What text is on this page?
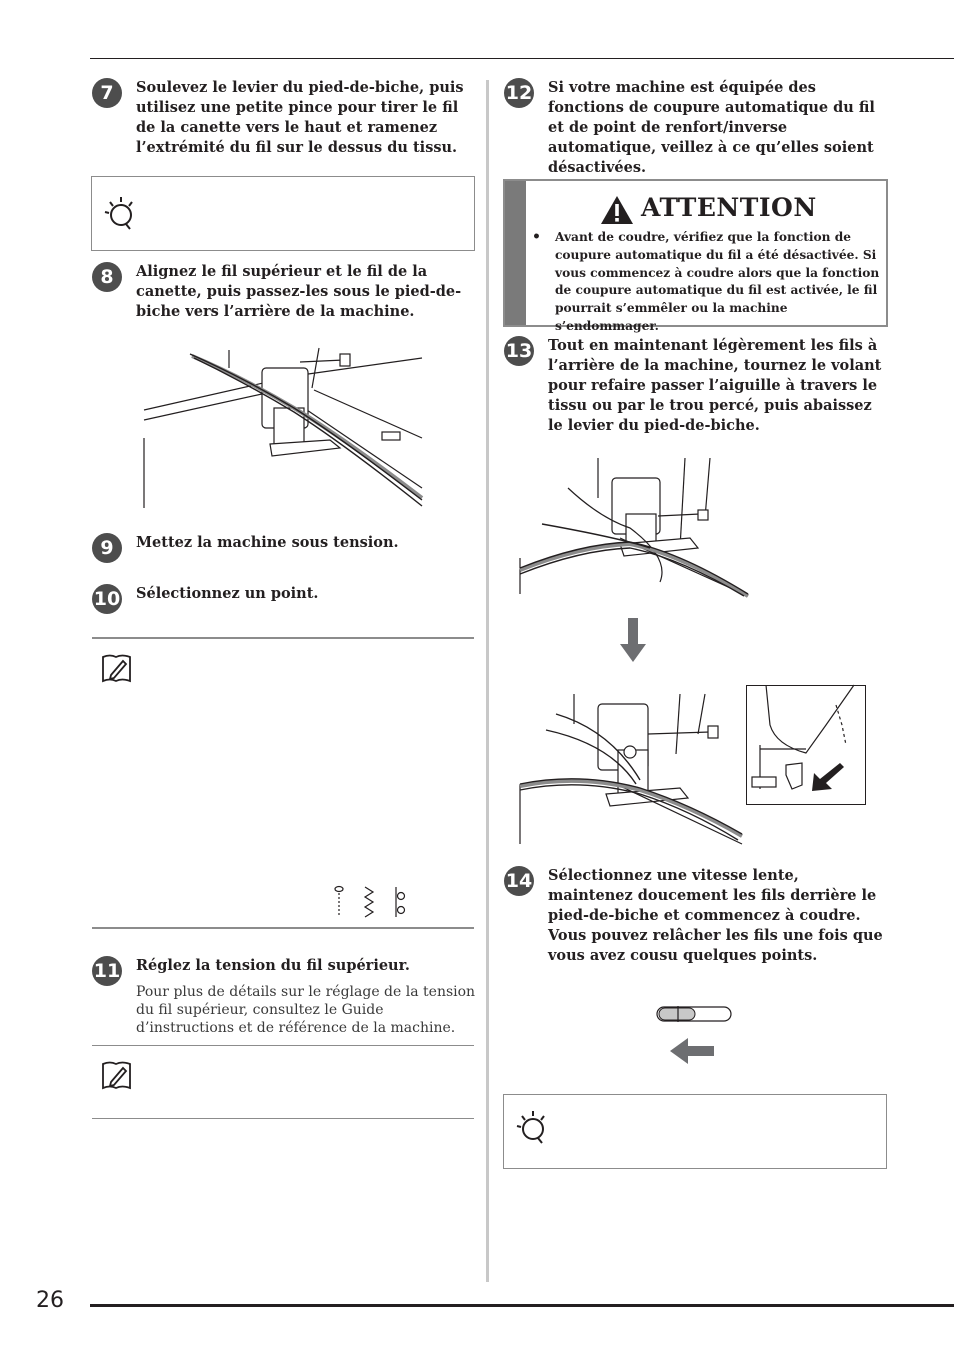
26
7	Soulevez le levier du pied-de-biche, puis utilisez une petite pince pour tirer le fil de la canette vers le haut et ramenez l’extrémité du fil sur le dessus du tissu.
8	Alignez le fil supérieur et le fil de la canette, puis passez-les sous le pied-de-biche vers l’arrière de la machine.
9	Mettez la machine sous tension.
10 Sélectionnez un point.
11 Réglez la tension du fil supérieur.
Pour plus de détails sur le réglage de la tension du fil supérieur, consultez le Guide d’instructions et de référence de la machine.
12 Si votre machine est équipée des fonctions de coupure automatique du fil et de point de renfort/inverse automatique, veillez à ce qu’elles soient désactivées.
ATTENTION
• Avant de coudre, vérifiez que la fonction de coupure automatique du fil a été désactivée. Si vous commencez à coudre alors que la fonction de coupure automatique du fil est activée, le fil pourrait s’emmêler ou la machine s’endommager.
13 Tout en maintenant légèrement les fils à l’arrière de la machine, tournez le volant pour refaire passer l’aiguille à travers le tissu ou par le trou percé, puis abaissez le levier du pied-de-biche.
14 Sélectionnez une vitesse lente, maintenez doucement les fils derrière le pied-de-biche et commencez à coudre. Vous pouvez relâcher les fils une fois que vous avez cousu quelques points.
